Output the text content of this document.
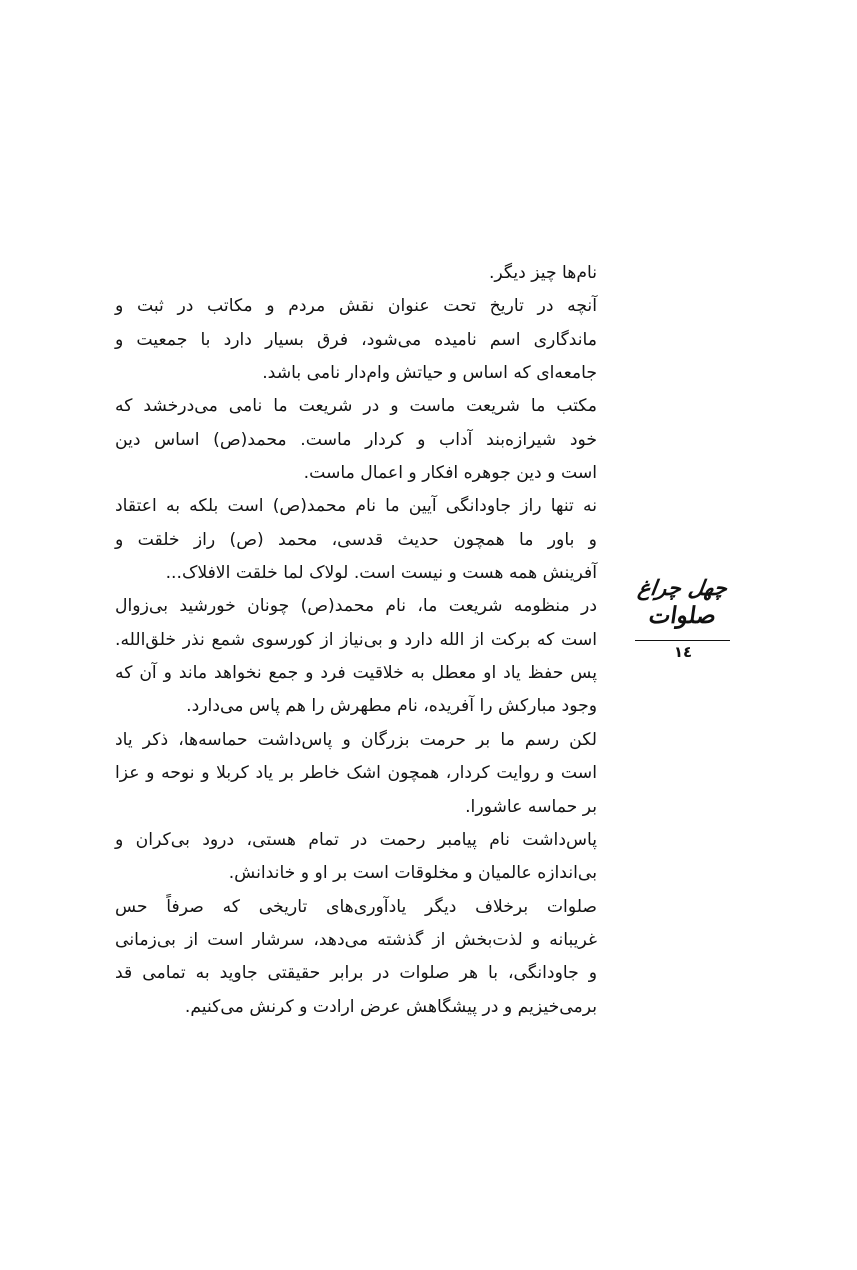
نام‌ها چیز دیگر.
آنچه در تاریخ تحت عنوان نقش مردم و مکاتب در ثبت و
ماندگاری اسم نامیده می‌شود، فرق بسیار دارد با جمعیت و
جامعه‌ای که اساس و حیاتش وام‌دار نامی باشد.
مکتب ما شریعت ماست و در شریعت ما نامی می‌درخشد که
خود شیرازه‌بند آداب و کردار ماست. محمد(ص) اساس دین
است و دین جوهره افکار و اعمال ماست.
نه تنها راز جاودانگی آیین ما نام محمد(ص) است بلکه به اعتقاد
و باور ما همچون حدیث قدسی، محمد (ص) راز خلقت و
آفرینش همه هست و نیست است. لولاک لما خلقت الافلاک...
در منظومه شریعت ما، نام محمد(ص) چونان خورشید بی‌زوال
است که برکت از الله دارد و بی‌نیاز از کورسوی شمع نذر خلق‌الله.
پس حفظ یاد او معطل به خلاقیت فرد و جمع نخواهد ماند و آن که
وجود مبارکش را آفریده، نام مطهرش را هم پاس می‌دارد.
لکن رسم ما بر حرمت بزرگان و پاس‌داشت حماسه‌ها، ذکر یاد
است و روایت کردار، همچون اشک خاطر بر یاد کربلا و نوحه و عزا
بر حماسه عاشورا.
پاس‌داشت نام پیامبر رحمت در تمام هستی، درود بی‌کران و
بی‌اندازه عالمیان و مخلوقات است بر او و خاندانش.
صلوات برخلاف دیگر یادآوری‌های تاریخی که صرفاً حس
غریبانه و لذت‌بخش از گذشته می‌دهد، سرشار است از بی‌زمانی
و جاودانگی، با هر صلوات در برابر حقیقتی جاوید به تمامی قد
برمی‌خیزیم و در پیشگاهش عرض ارادت و کرنش می‌کنیم.
چهل چراغ
صلوات
۱٤
